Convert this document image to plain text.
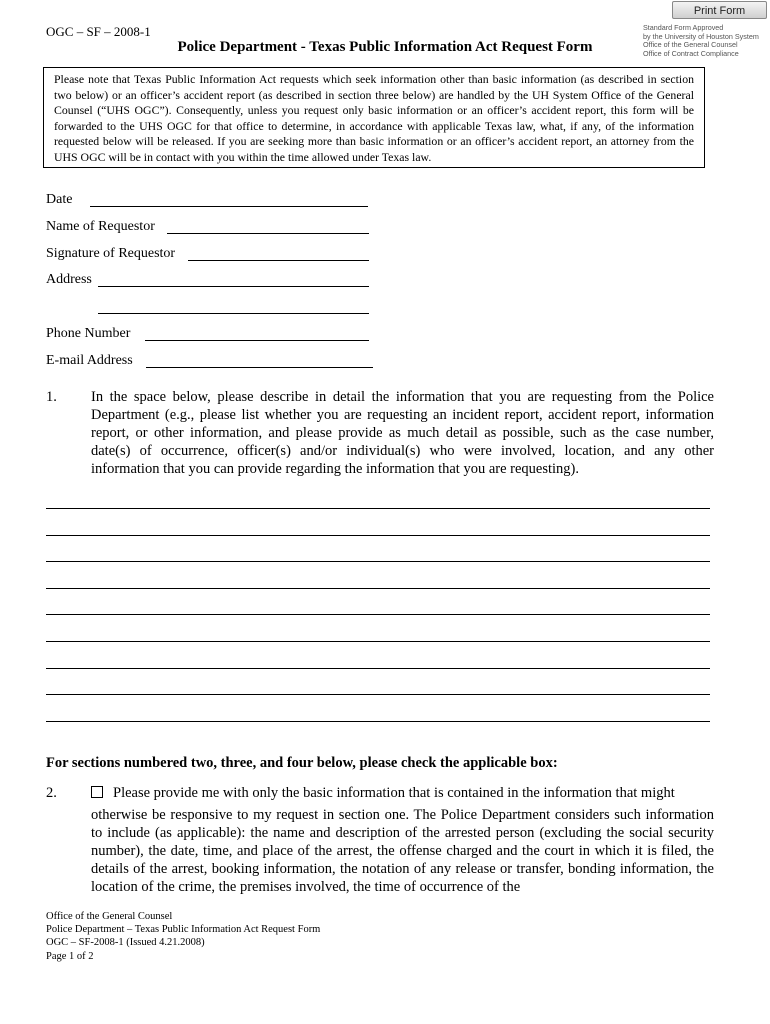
Print Form
OGC – SF – 2008-1	Standard Form Approved
by the University of Houston System
Office of the General Counsel
Office of Contract Compliance
Police Department - Texas Public Information Act Request Form
Please note that Texas Public Information Act requests which seek information other than basic information (as described in section two below) or an officer’s accident report (as described in section three below) are handled by the UH System Office of the General Counsel (“UHS OGC”). Consequently, unless you request only basic information or an officer’s accident report, this form will be forwarded to the UHS OGC for that office to determine, in accordance with applicable Texas law, what, if any, of the information requested below will be released. If you are seeking more than basic information or an officer’s accident report, an attorney from the UHS OGC will be in contact with you within the time allowed under Texas law.
Date
Name of Requestor
Signature of Requestor
Address
Phone Number
E-mail Address
1. In the space below, please describe in detail the information that you are requesting from the Police Department (e.g., please list whether you are requesting an incident report, accident report, information report, or other information, and please provide as much detail as possible, such as the case number, date(s) of occurrence, officer(s) and/or individual(s) who were involved, location, and any other information that you can provide regarding the information that you are requesting).
For sections numbered two, three, and four below, please check the applicable box:
2.	Please provide me with only the basic information that is contained in the information that might
otherwise be responsive to my request in section one. The Police Department considers such information to include (as applicable): the name and description of the arrested person (excluding the social security number), the date, time, and place of the arrest, the offense charged and the court in which it is filed, the details of the arrest, booking information, the notation of any release or transfer, bonding information, the location of the crime, the premises involved, the time of occurrence of the
Office of the General Counsel
Police Department – Texas Public Information Act Request Form
OGC – SF-2008-1 (Issued 4.21.2008)
Page 1 of 2
